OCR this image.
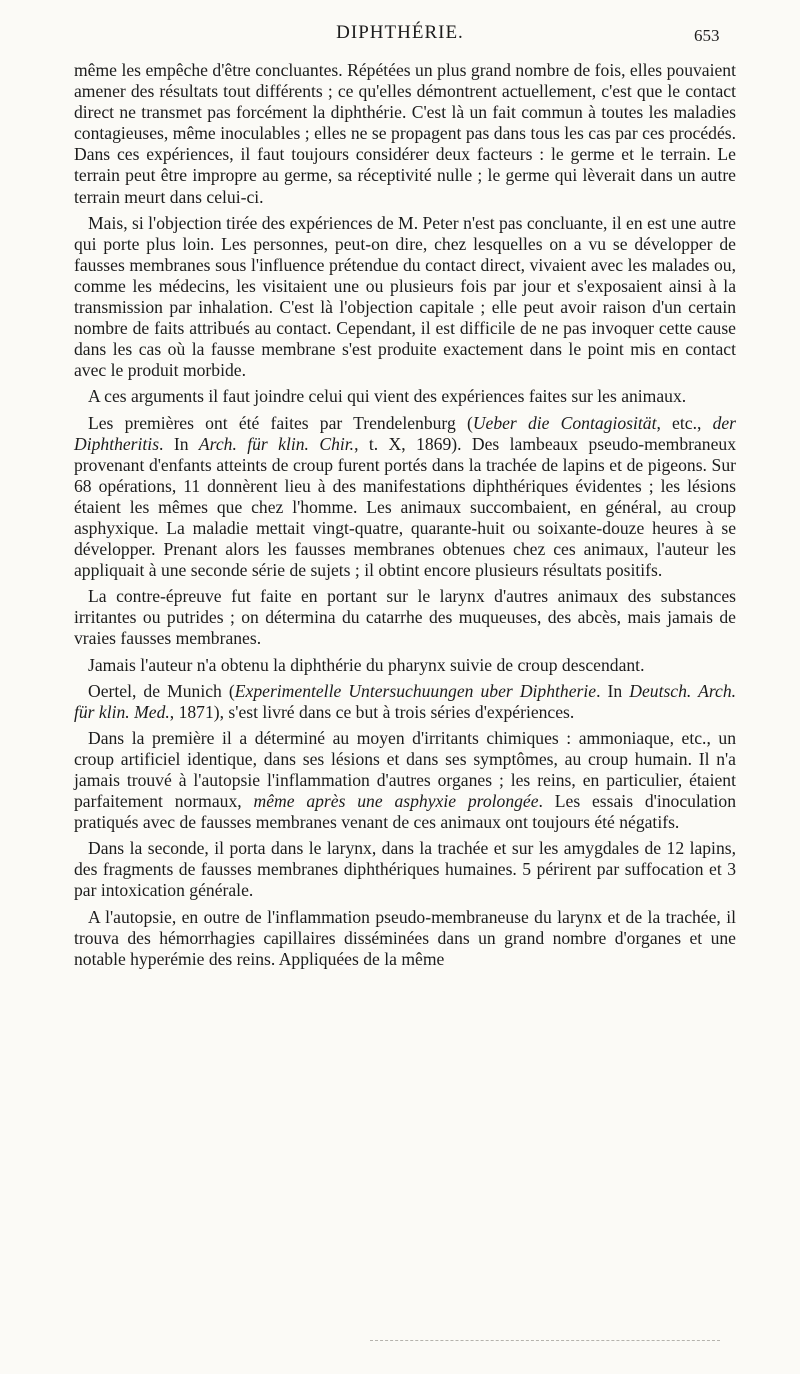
DIPHTHÉRIE.	653

même les empêche d'être concluantes. Répétées un plus grand nombre de fois, elles pouvaient amener des résultats tout différents ; ce qu'elles démontrent actuellement, c'est que le contact direct ne transmet pas forcément la diphthérie. C'est là un fait commun à toutes les maladies contagieuses, même inoculables ; elles ne se propagent pas dans tous les cas par ces procédés. Dans ces expériences, il faut toujours considérer deux facteurs : le germe et le terrain. Le terrain peut être impropre au germe, sa réceptivité nulle ; le germe qui lèverait dans un autre terrain meurt dans celui-ci.

Mais, si l'objection tirée des expériences de M. Peter n'est pas concluante, il en est une autre qui porte plus loin. Les personnes, peut-on dire, chez lesquelles on a vu se développer de fausses membranes sous l'influence prétendue du contact direct, vivaient avec les malades ou, comme les médecins, les visitaient une ou plusieurs fois par jour et s'exposaient ainsi à la transmission par inhalation. C'est là l'objection capitale ; elle peut avoir raison d'un certain nombre de faits attribués au contact. Cependant, il est difficile de ne pas invoquer cette cause dans les cas où la fausse membrane s'est produite exactement dans le point mis en contact avec le produit morbide.

A ces arguments il faut joindre celui qui vient des expériences faites sur les animaux.

Les premières ont été faites par Trendelenburg (Ueber die Contagiosität, etc., der Diphtheritis. In Arch. für klin. Chir., t. X, 1869). Des lambeaux pseudo-membraneux provenant d'enfants atteints de croup furent portés dans la trachée de lapins et de pigeons. Sur 68 opérations, 11 donnèrent lieu à des manifestations diphthériques évidentes ; les lésions étaient les mêmes que chez l'homme. Les animaux succombaient, en général, au croup asphyxique. La maladie mettait vingt-quatre, quarante-huit ou soixante-douze heures à se développer. Prenant alors les fausses membranes obtenues chez ces animaux, l'auteur les appliquait à une seconde série de sujets ; il obtint encore plusieurs résultats positifs.

La contre-épreuve fut faite en portant sur le larynx d'autres animaux des substances irritantes ou putrides ; on détermina du catarrhe des muqueuses, des abcès, mais jamais de vraies fausses membranes.

Jamais l'auteur n'a obtenu la diphthérie du pharynx suivie de croup descendant.

Oertel, de Munich (Experimentelle Untersuchuungen uber Diphtherie. In Deutsch. Arch. für klin. Med., 1871), s'est livré dans ce but à trois séries d'expériences.

Dans la première il a déterminé au moyen d'irritants chimiques : ammoniaque, etc., un croup artificiel identique, dans ses lésions et dans ses symptômes, au croup humain. Il n'a jamais trouvé à l'autopsie l'inflammation d'autres organes ; les reins, en particulier, étaient parfaitement normaux, même après une asphyxie prolongée. Les essais d'inoculation pratiqués avec de fausses membranes venant de ces animaux ont toujours été négatifs.

Dans la seconde, il porta dans le larynx, dans la trachée et sur les amygdales de 12 lapins, des fragments de fausses membranes diphthériques humaines. 5 périrent par suffocation et 3 par intoxication générale.

A l'autopsie, en outre de l'inflammation pseudo-membraneuse du larynx et de la trachée, il trouva des hémorrhagies capillaires disséminées dans un grand nombre d'organes et une notable hyperémie des reins. Appliquées de la même
